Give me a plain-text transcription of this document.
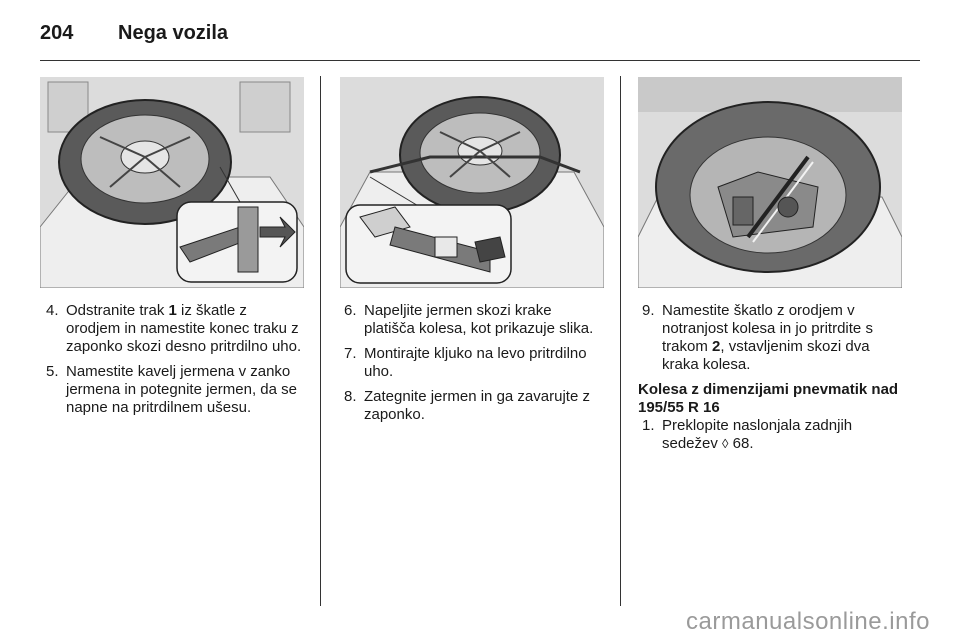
204 Nega vozila
4. Odstranite trak 1 iz škatle z orodjem in namestite konec traku z zaponko skozi desno pritrdilno uho.
5. Namestite kavelj jermena v zanko jermena in potegnite jermen, da se napne na pritrdilnem ušesu.
6. Napeljite jermen skozi krake platišča kolesa, kot prikazuje slika.
7. Montirajte kljuko na levo pritrdilno uho.
8. Zategnite jermen in ga zavarujte z zaponko.
9. Namestite škatlo z orodjem v notranjost kolesa in jo pritrdite s trakom 2, vstavljenim skozi dva kraka kolesa.
Kolesa z dimenzijami pnevmatik nad 195/55 R 16
1. Preklopite naslonjala zadnjih sedežev ◊ 68.
carmanualsonline.info
